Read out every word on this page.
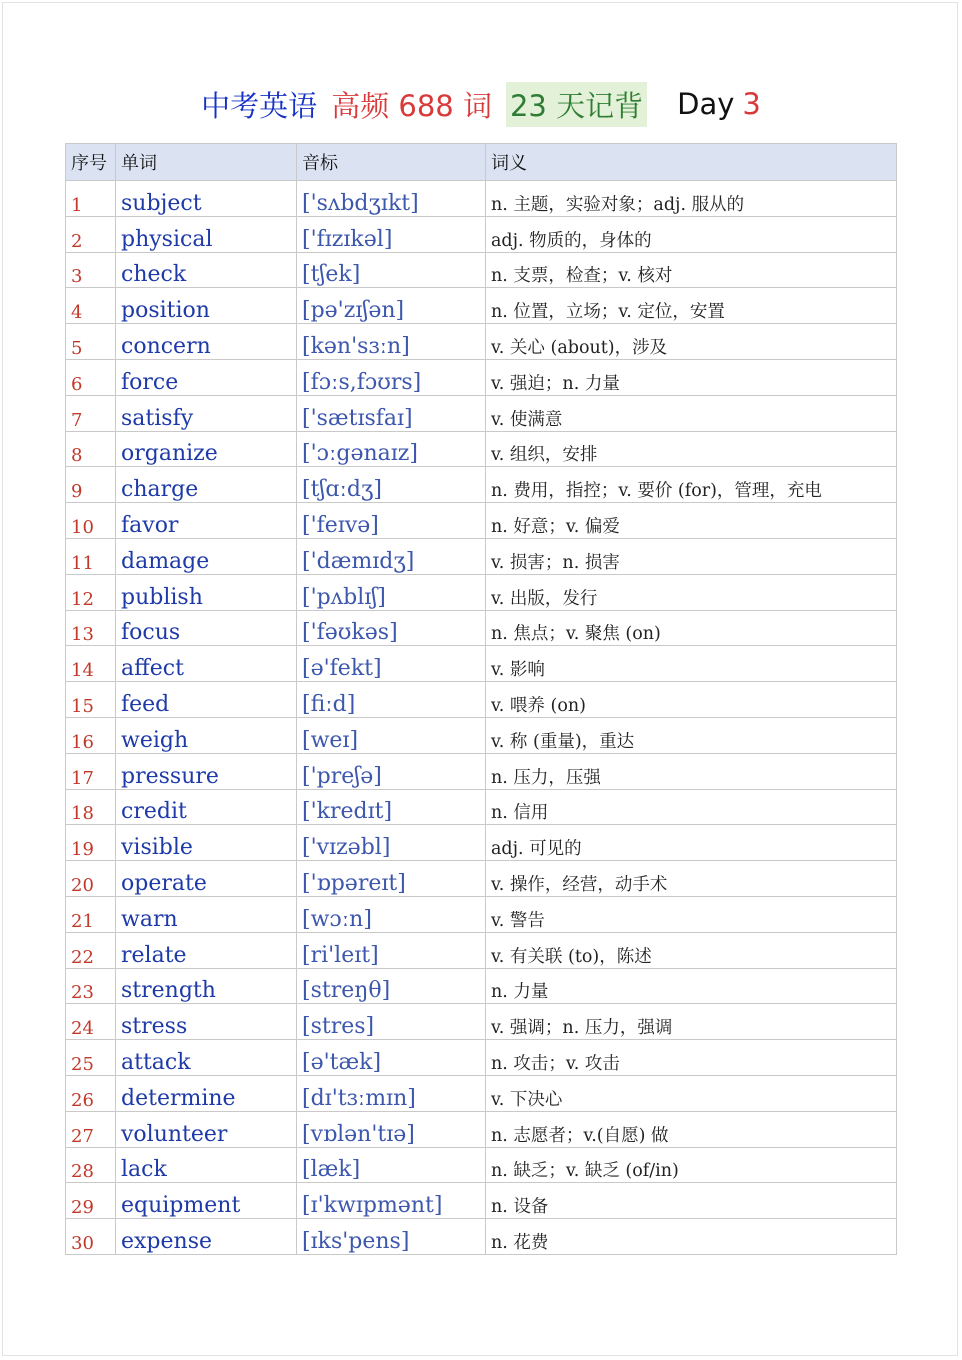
中考英语 高频 688 词 23 天记背 Day 3
序号	单词	音标	词义
1	subject	['sʌbdʒɪkt]	n. 主题，实验对象；adj. 服从的
2	physical	['fɪzɪkəl]	adj. 物质的，身体的
3	check	[tʃek]	n. 支票，检查；v. 核对
4	position	[pə'zɪʃən]	n. 位置，立场；v. 定位，安置
5	concern	[kən'sɜːn]	v. 关心 (about)，涉及
6	force	[fɔːs,fɔʊrs]	v. 强迫；n. 力量
7	satisfy	['sætɪsfaɪ]	v. 使满意
8	organize	['ɔːgənaɪz]	v. 组织，安排
9	charge	[tʃɑːdʒ]	n. 费用，指控；v. 要价 (for)，管理，充电
10	favor	['feɪvə]	n. 好意；v. 偏爱
11	damage	['dæmɪdʒ]	v. 损害；n. 损害
12	publish	['pʌblɪʃ]	v. 出版，发行
13	focus	['fəʊkəs]	n. 焦点；v. 聚焦 (on)
14	affect	[ə'fekt]	v. 影响
15	feed	[fiːd]	v. 喂养 (on)
16	weigh	[weɪ]	v. 称 (重量)，重达
17	pressure	['preʃə]	n. 压力，压强
18	credit	['kredɪt]	n. 信用
19	visible	['vɪzəbl]	adj. 可见的
20	operate	['ɒpəreɪt]	v. 操作，经营，动手术
21	warn	[wɔːn]	v. 警告
22	relate	[ri'leɪt]	v. 有关联 (to)，陈述
23	strength	[streŋθ]	n. 力量
24	stress	[stres]	v. 强调；n. 压力，强调
25	attack	[ə'tæk]	n. 攻击；v. 攻击
26	determine	[dɪ'tɜːmɪn]	v. 下决心
27	volunteer	[vɒlən'tɪə]	n. 志愿者；v.(自愿) 做
28	lack	[læk]	n. 缺乏；v. 缺乏 (of/in)
29	equipment	[ɪ'kwɪpmənt]	n. 设备
30	expense	[ɪks'pens]	n. 花费
